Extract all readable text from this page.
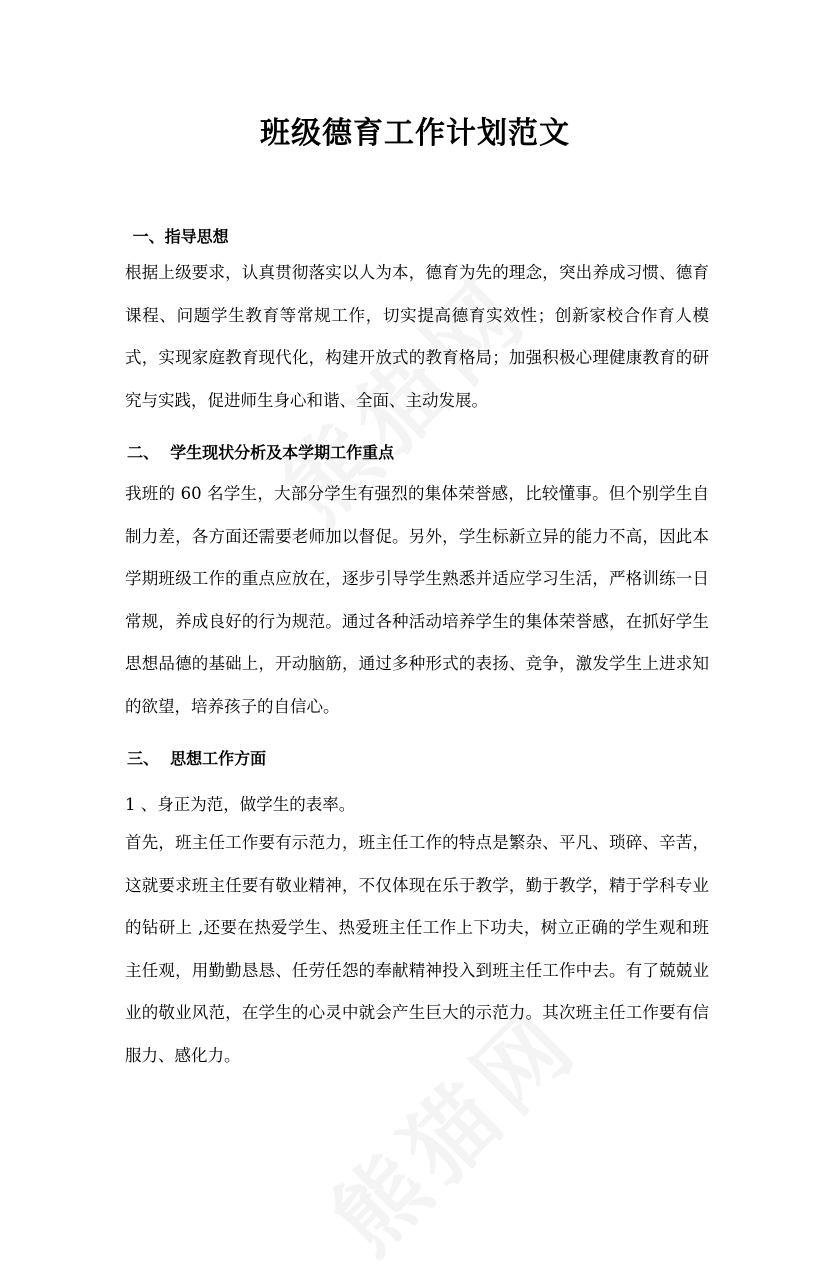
班级德育工作计划范文
一、指导思想

根据上级要求，认真贯彻落实以人为本，德育为先的理念，突出养成习惯、德育课程、问题学生教育等常规工作，切实提高德育实效性；创新家校合作育人模式，实现家庭教育现代化，构建开放式的教育格局；加强积极心理健康教育的研究与实践，促进师生身心和谐、全面、主动发展。

二、  学生现状分析及本学期工作重点

我班的 60 名学生，大部分学生有强烈的集体荣誉感，比较懂事。但个别学生自制力差，各方面还需要老师加以督促。另外，学生标新立异的能力不高，因此本学期班级工作的重点应放在，逐步引导学生熟悉并适应学习生活，严格训练一日常规，养成良好的行为规范。通过各种活动培养学生的集体荣誉感，在抓好学生思想品德的基础上，开动脑筋，通过多种形式的表扬、竞争，激发学生上进求知的欲望，培养孩子的自信心。

三、  思想工作方面
1 、身正为范，做学生的表率。

首先，班主任工作要有示范力，班主任工作的特点是繁杂、平凡、琐碎、辛苦，这就要求班主任要有敬业精神，不仅体现在乐于教学，勤于教学，精于学科专业的钻研上 ,还要在热爱学生、热爱班主任工作上下功夫，树立正确的学生观和班主任观，用勤勤恳恳、任劳任怨的奉献精神投入到班主任工作中去。有了兢兢业业的敬业风范，在学生的心灵中就会产生巨大的示范力。其次班主任工作要有信服力、感化力。
